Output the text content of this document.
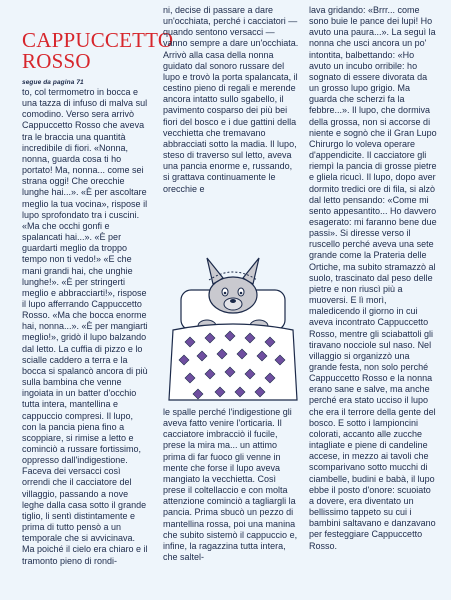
CAPPUCCETTO ROSSO
segue da pagina 71

to, col termometro in bocca e una tazza di infuso di malva sul comodino. Verso sera arrivò Cappuccetto Rosso che aveva tra le braccia una quantità incredibile di fiori. «Nonna, nonna, guarda cosa ti ho portato! Ma, nonna... come sei strana oggi! Che orecchie lunghe hai...». «È per ascoltare meglio la tua vocina», rispose il lupo sprofondato tra i cuscini. «Ma che occhi gonfi e spalancati hai...». «È per guardarti meglio da troppo tempo non ti vedo!» «E che mani grandi hai, che unghie lunghe!». «È per stringerti meglio e abbracciarti!», rispose il lupo afferrando Cappuccetto Rosso. «Ma che bocca enorme hai, nonna...». «È per mangiarti meglio!», gridò il lupo balzando dal letto. La cuffia di pizzo e lo scialle caddero a terra e la bocca si spalancò ancora di più sulla bambina che venne ingoiata in un batter d'occhio tutta intera, mantellina e cappuccio compresi. Il lupo, con la pancia piena fino a scoppiare, si rimise a letto e cominciò a russare fortissimo, oppresso dall'indigestione. Faceva dei versacci così orrendi che il cacciatore del villaggio, passando a nove leghe dalla casa sotto il grande tiglio, li sentì distintamente e prima di tutto pensò a un temporale che si avvicinava. Ma poiché il cielo era chiaro e il tramonto pieno di rondi-

ni, decise di passare a dare un'occhiata, perché i cacciatori — quando sentono versacci — vanno sempre a dare un'occhiata. Arrivò alla casa della nonna guidato dal sonoro russare del lupo e trovò la porta spalancata, il cestino pieno di regali e merende ancora intatto sullo sgabello, il pavimento cosparso dei più bei fiori del bosco e i due gattini della vecchietta che tremavano abbracciati sotto la madia. Il lupo, steso di traverso sul letto, aveva una pancia enorme e, russando, si grattava continuamente le orecchie e

le spalle perché l'indigestione gli aveva fatto venire l'orticaria. Il cacciatore imbracciò il fucile, prese la mira ma... un attimo prima di far fuoco gli venne in mente che forse il lupo aveva mangiato la vecchietta. Così prese il coltellaccio e con molta attenzione cominciò a tagliargli la pancia. Prima sbucò un pezzo di mantellina rossa, poi una manina che subito sistemò il cappuccio e, infine, la ragazzina tutta intera, che saltel-

lava gridando: «Brrr... come sono buie le pance dei lupi! Ho avuto una paura...». La seguì la nonna che usci ancora un po' intontita, balbettando: «Ho avuto un incubo orribile: ho sognato di essere divorata da un grosso lupo grigio. Ma guarda che scherzi fa la febbre...». Il lupo, che dormiva della grossa, non si accorse di niente e sognò che il Gran Lupo Chirurgo lo voleva operare d'appendicite. Il cacciatore gli riempì la pancia di grosse pietre e gliela ricucì. Il lupo, dopo aver dormito tredici ore di fila, si alzò dal letto pensando: «Come mi sento appesantito... Ho davvero esagerato: mi faranno bene due passi». Si diresse verso il ruscello perché aveva una sete grande come la Prateria delle Ortiche, ma subito stramazzò al suolo, trascinato dal peso delle pietre e non riuscì più a muoversi. E lì morì, maledicendo il giorno in cui aveva incontrato Cappuccetto Rosso, mentre gli sciabattoli gli tiravano nocciole sul naso. Nel villaggio si organizzò una grande festa, non solo perché Cappuccetto Rosso e la nonna erano sane e salve, ma anche perché era stato ucciso il lupo che era il terrore della gente del bosco. E sotto i lampioncini colorati, accanto alle zucche intagliate e piene di candeline accese, in mezzo ai tavoli che scomparivano sotto mucchi di ciambelle, budini e babà, il lupo ebbe il posto d'onore: scuoiato a dovere, era diventato un bellissimo tappeto su cui i bambini saltavano e danzavano per festeggiare Cappuccetto Rosso.
